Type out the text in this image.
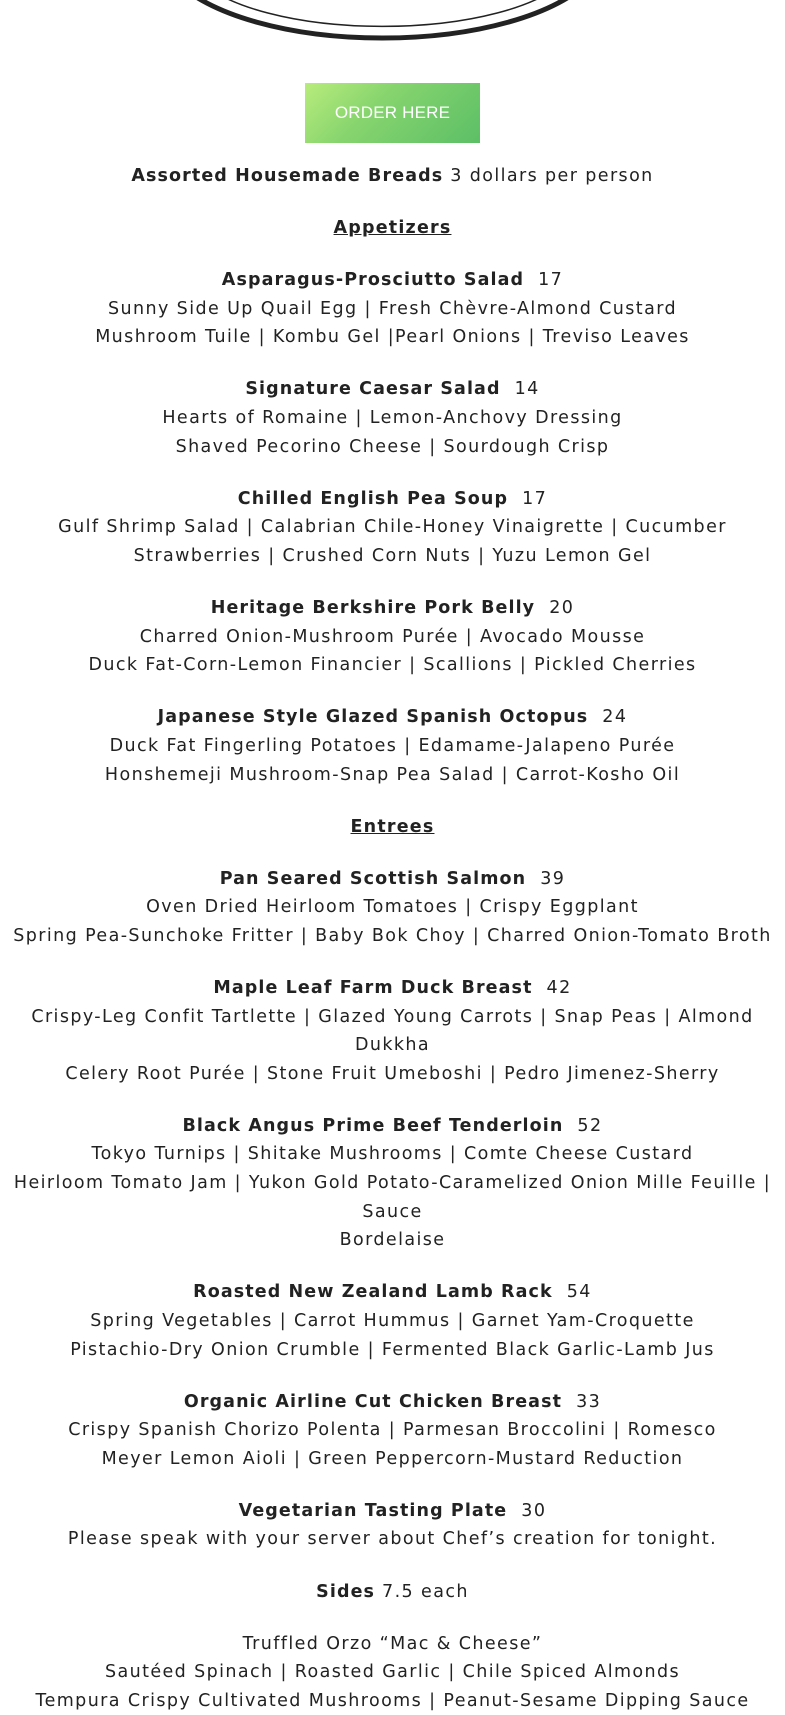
ORDER HERE

Assorted Housemade Breads 3 dollars per person

Appetizers

Asparagus-Prosciutto Salad 17

Sunny Side Up Quail Egg | Fresh Chèvre-Almond Custard

Mushroom Tuile | Kombu Gel |Pearl Onions | Treviso Leaves

Signature Caesar Salad 14

Hearts of Romaine | Lemon-Anchovy Dressing

Shaved Pecorino Cheese | Sourdough Crisp

Chilled English Pea Soup 17

Gulf Shrimp Salad | Calabrian Chile-Honey Vinaigrette | Cucumber

Strawberries | Crushed Corn Nuts | Yuzu Lemon Gel

Heritage Berkshire Pork Belly 20

Charred Onion-Mushroom Purée | Avocado Mousse

Duck Fat-Corn-Lemon Financier | Scallions | Pickled Cherries

Japanese Style Glazed Spanish Octopus 24

Duck Fat Fingerling Potatoes | Edamame-Jalapeno Purée

Honshemeji Mushroom-Snap Pea Salad | Carrot-Kosho Oil

Entrees

Pan Seared Scottish Salmon 39

Oven Dried Heirloom Tomatoes | Crispy Eggplant

Spring Pea-Sunchoke Fritter | Baby Bok Choy | Charred Onion-Tomato Broth

Maple Leaf Farm Duck Breast 42

Crispy-Leg Confit Tartlette | Glazed Young Carrots | Snap Peas | Almond Dukkha

Celery Root Purée | Stone Fruit Umeboshi | Pedro Jimenez-Sherry

Black Angus Prime Beef Tenderloin 52

Tokyo Turnips | Shitake Mushrooms | Comte Cheese Custard

Heirloom Tomato Jam | Yukon Gold Potato-Caramelized Onion Mille Feuille | Sauce

Bordelaise

Roasted New Zealand Lamb Rack 54

Spring Vegetables | Carrot Hummus | Garnet Yam-Croquette

Pistachio-Dry Onion Crumble | Fermented Black Garlic-Lamb Jus

Organic Airline Cut Chicken Breast 33

Crispy Spanish Chorizo Polenta | Parmesan Broccolini | Romesco

Meyer Lemon Aioli | Green Peppercorn-Mustard Reduction

Vegetarian Tasting Plate 30

Please speak with your server about Chef’s creation for tonight.

Sides 7.5 each

Truffled Orzo “Mac & Cheese”

Sautéed Spinach | Roasted Garlic | Chile Spiced Almonds

Tempura Crispy Cultivated Mushrooms | Peanut-Sesame Dipping Sauce
